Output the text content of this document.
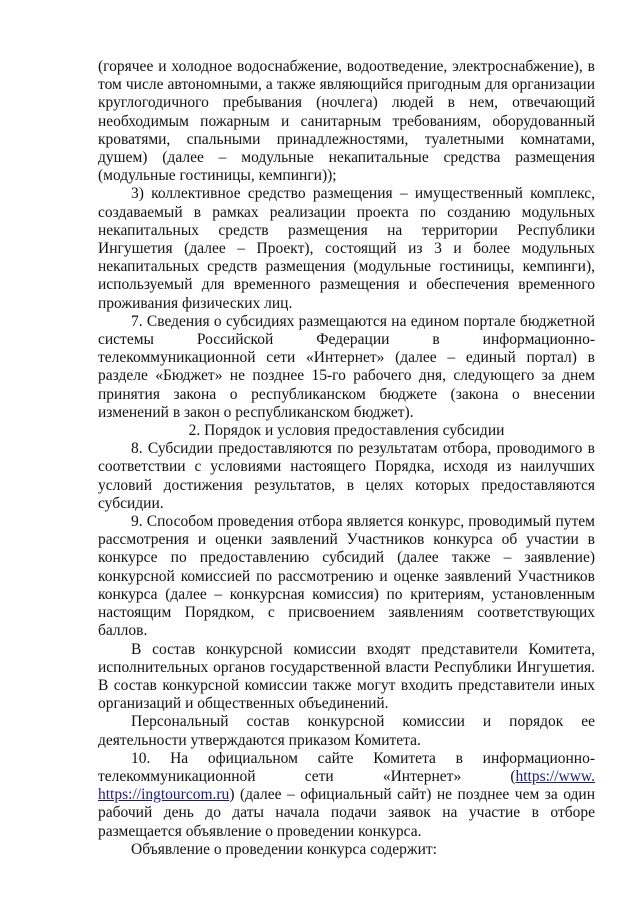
(горячее и холодное водоснабжение, водоотведение, электроснабжение), в том числе автономными, а также являющийся пригодным для организации круглогодичного пребывания (ночлега) людей в нем, отвечающий необходимым пожарным и санитарным требованиям, оборудованный кроватями, спальными принадлежностями, туалетными комнатами, душем) (далее – модульные некапитальные средства размещения (модульные гостиницы, кемпинги));

3) коллективное средство размещения – имущественный комплекс, создаваемый в рамках реализации проекта по созданию модульных некапитальных средств размещения на территории Республики Ингушетия (далее – Проект), состоящий из 3 и более модульных некапитальных средств размещения (модульные гостиницы, кемпинги), используемый для временного размещения и обеспечения временного проживания физических лиц.

7. Сведения о субсидиях размещаются на едином портале бюджетной системы Российской Федерации в информационно-телекоммуникационной сети «Интернет» (далее – единый портал) в разделе «Бюджет» не позднее 15-го рабочего дня, следующего за днем принятия закона о республиканском бюджете (закона о внесении изменений в закон о республиканском бюджет).

2. Порядок и условия предоставления субсидии

8. Субсидии предоставляются по результатам отбора, проводимого в соответствии с условиями настоящего Порядка, исходя из наилучших условий достижения результатов, в целях которых предоставляются субсидии.

9. Способом проведения отбора является конкурс, проводимый путем рассмотрения и оценки заявлений Участников конкурса об участии в конкурсе по предоставлению субсидий (далее также – заявление) конкурсной комиссией по рассмотрению и оценке заявлений Участников конкурса (далее – конкурсная комиссия) по критериям, установленным настоящим Порядком, с присвоением заявлениям соответствующих баллов.

В состав конкурсной комиссии входят представители Комитета, исполнительных органов государственной власти Республики Ингушетия. В состав конкурсной комиссии также могут входить представители иных организаций и общественных объединений.

Персональный состав конкурсной комиссии и порядок ее деятельности утверждаются приказом Комитета.

10. На официальном сайте Комитета в информационно-телекоммуникационной сети «Интернет» (https://www. https://ingtourcom.ru) (далее – официальный сайт) не позднее чем за один рабочий день до даты начала подачи заявок на участие в отборе размещается объявление о проведении конкурса.

Объявление о проведении конкурса содержит:
